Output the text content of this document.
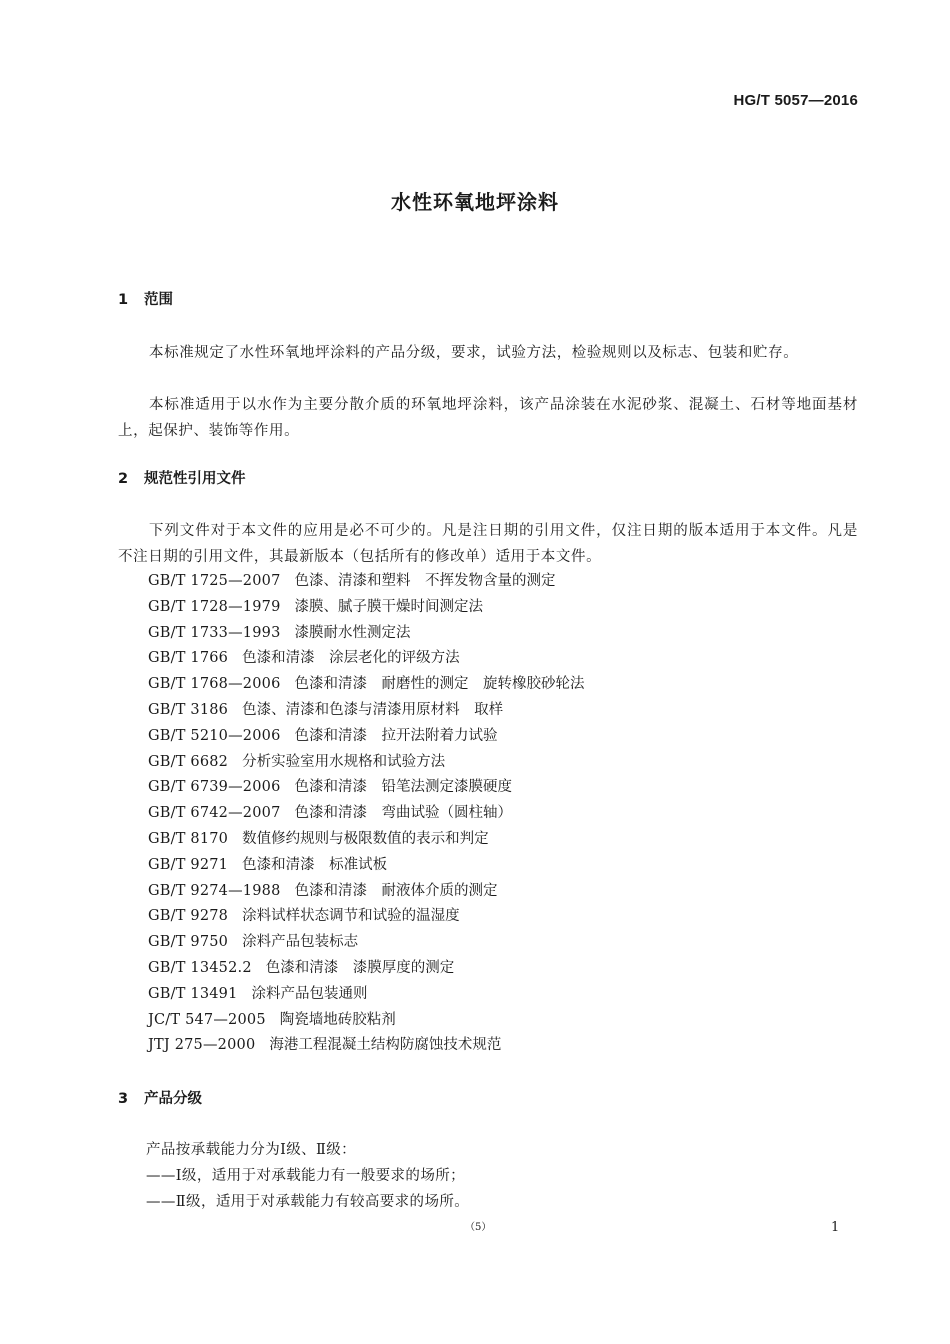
HG/T 5057—2016
水性环氧地坪涂料
1 范围

本标准规定了水性环氧地坪涂料的产品分级，要求，试验方法，检验规则以及标志、包装和贮存。

本标准适用于以水作为主要分散介质的环氧地坪涂料，该产品涂装在水泥砂浆、混凝土、石材等地面基材上，起保护、装饰等作用。

2 规范性引用文件

下列文件对于本文件的应用是必不可少的。凡是注日期的引用文件，仅注日期的版本适用于本文件。凡是不注日期的引用文件，其最新版本（包括所有的修改单）适用于本文件。

GB/T 1725—2007 色漆、清漆和塑料　不挥发物含量的测定
GB/T 1728—1979 漆膜、腻子膜干燥时间测定法
GB/T 1733—1993 漆膜耐水性测定法
GB/T 1766 色漆和清漆　涂层老化的评级方法
GB/T 1768—2006 色漆和清漆　耐磨性的测定　旋转橡胶砂轮法
GB/T 3186 色漆、清漆和色漆与清漆用原材料　取样
GB/T 5210—2006 色漆和清漆　拉开法附着力试验
GB/T 6682 分析实验室用水规格和试验方法
GB/T 6739—2006 色漆和清漆　铅笔法测定漆膜硬度
GB/T 6742—2007 色漆和清漆　弯曲试验（圆柱轴）
GB/T 8170 数值修约规则与极限数值的表示和判定
GB/T 9271 色漆和清漆　标准试板
GB/T 9274—1988 色漆和清漆　耐液体介质的测定
GB/T 9278 涂料试样状态调节和试验的温湿度
GB/T 9750 涂料产品包装标志
GB/T 13452.2 色漆和清漆　漆膜厚度的测定
GB/T 13491 涂料产品包装通则
JC/T 547—2005 陶瓷墙地砖胶粘剂
JTJ 275—2000 海港工程混凝土结构防腐蚀技术规范
3 产品分级
产品按承载能力分为Ⅰ级、Ⅱ级：
——Ⅰ级，适用于对承载能力有一般要求的场所；
——Ⅱ级，适用于对承载能力有较高要求的场所。
（5）	1
